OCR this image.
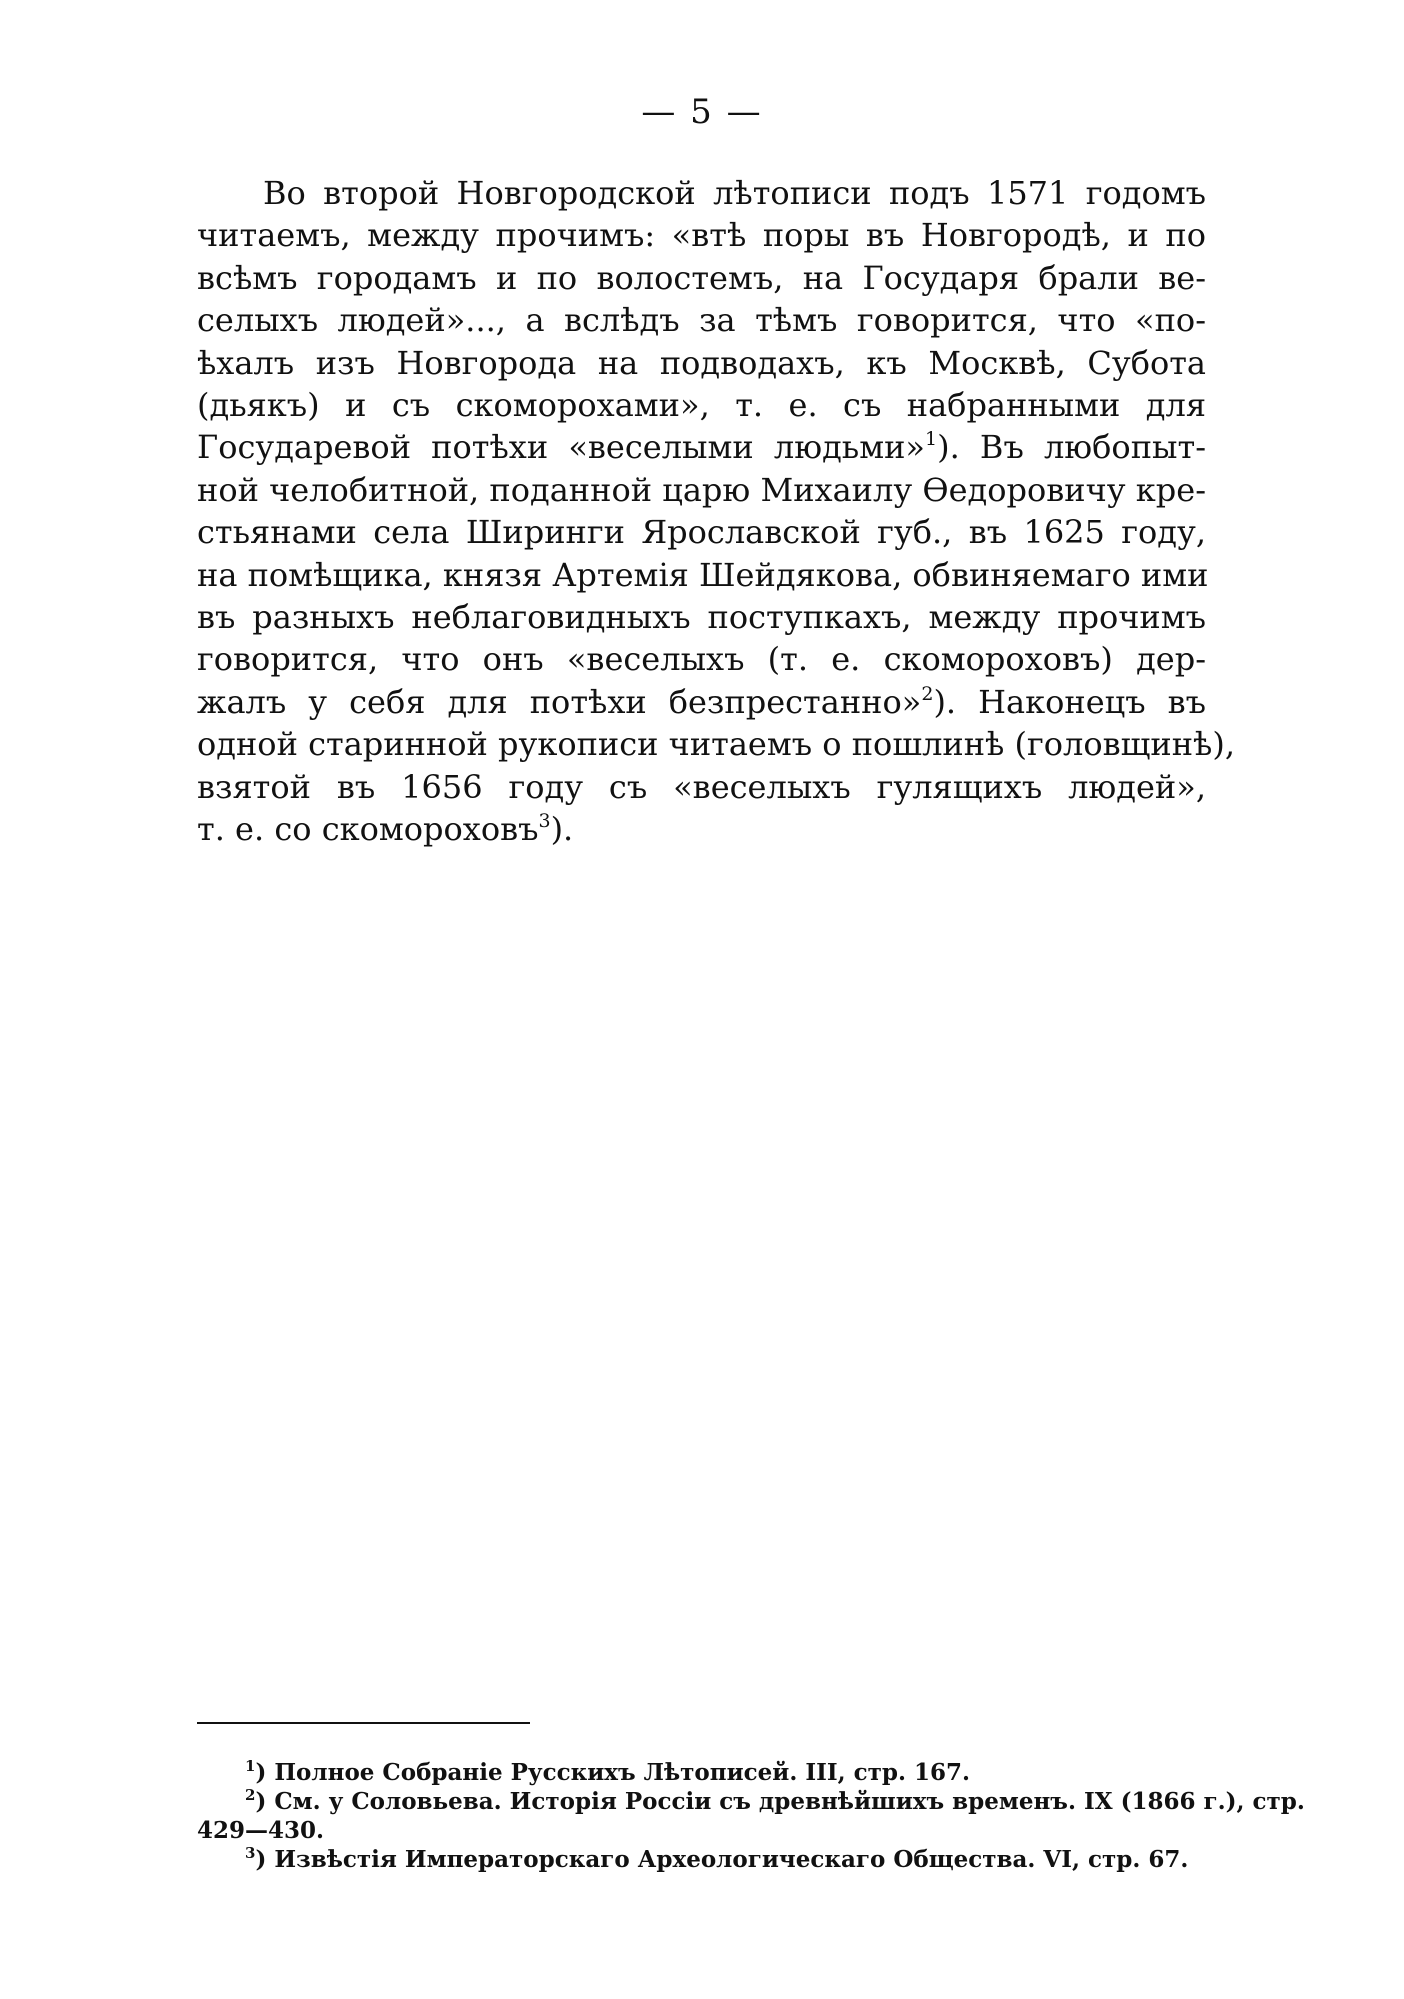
— 5 —
Во второй Новгородской лѣтописи подъ 1571 годомъ
читаемъ, между прочимъ: «втѣ поры въ Новгородѣ, и по
всѣмъ городамъ и по волостемъ, на Государя брали ве-
селыхъ людей»..., а вслѣдъ за тѣмъ говорится, что «по-
ѣхалъ изъ Новгорода на подводахъ, къ Москвѣ, Субота
(дьякъ) и съ скоморохами», т. е. съ набранными для
Государевой потѣхи «веселыми людьми»$^1$). Въ любопыт-
ной челобитной, поданной царю Михаилу Ѳедоровичу кре-
стьянами села Ширинги Ярославской губ., въ 1625 году,
на помѣщика, князя Артемія Шейдякова, обвиняемаго ими
въ разныхъ неблаговидныхъ поступкахъ, между прочимъ
говорится, что онъ «веселыхъ (т. е. скомороховъ) дер-
жалъ у себя для потѣхи безпрестанно»$^2$). Наконецъ въ
одной старинной рукописи читаемъ о пошлинѣ (головщинѣ),
взятой въ 1656 году съ «веселыхъ гулящихъ людей»,
т. е. со скомороховъ$^3$).
$^1$) Полное Собраніе Русскихъ Лѣтописей. III, стр. 167.
$^2$) См. у Соловьева. Исторія Россіи съ древнѣйшихъ временъ. IX (1866 г.), стр.
429—430.
$^3$) Извѣстія Императорскаго Археологическаго Общества. VI, стр. 67.
